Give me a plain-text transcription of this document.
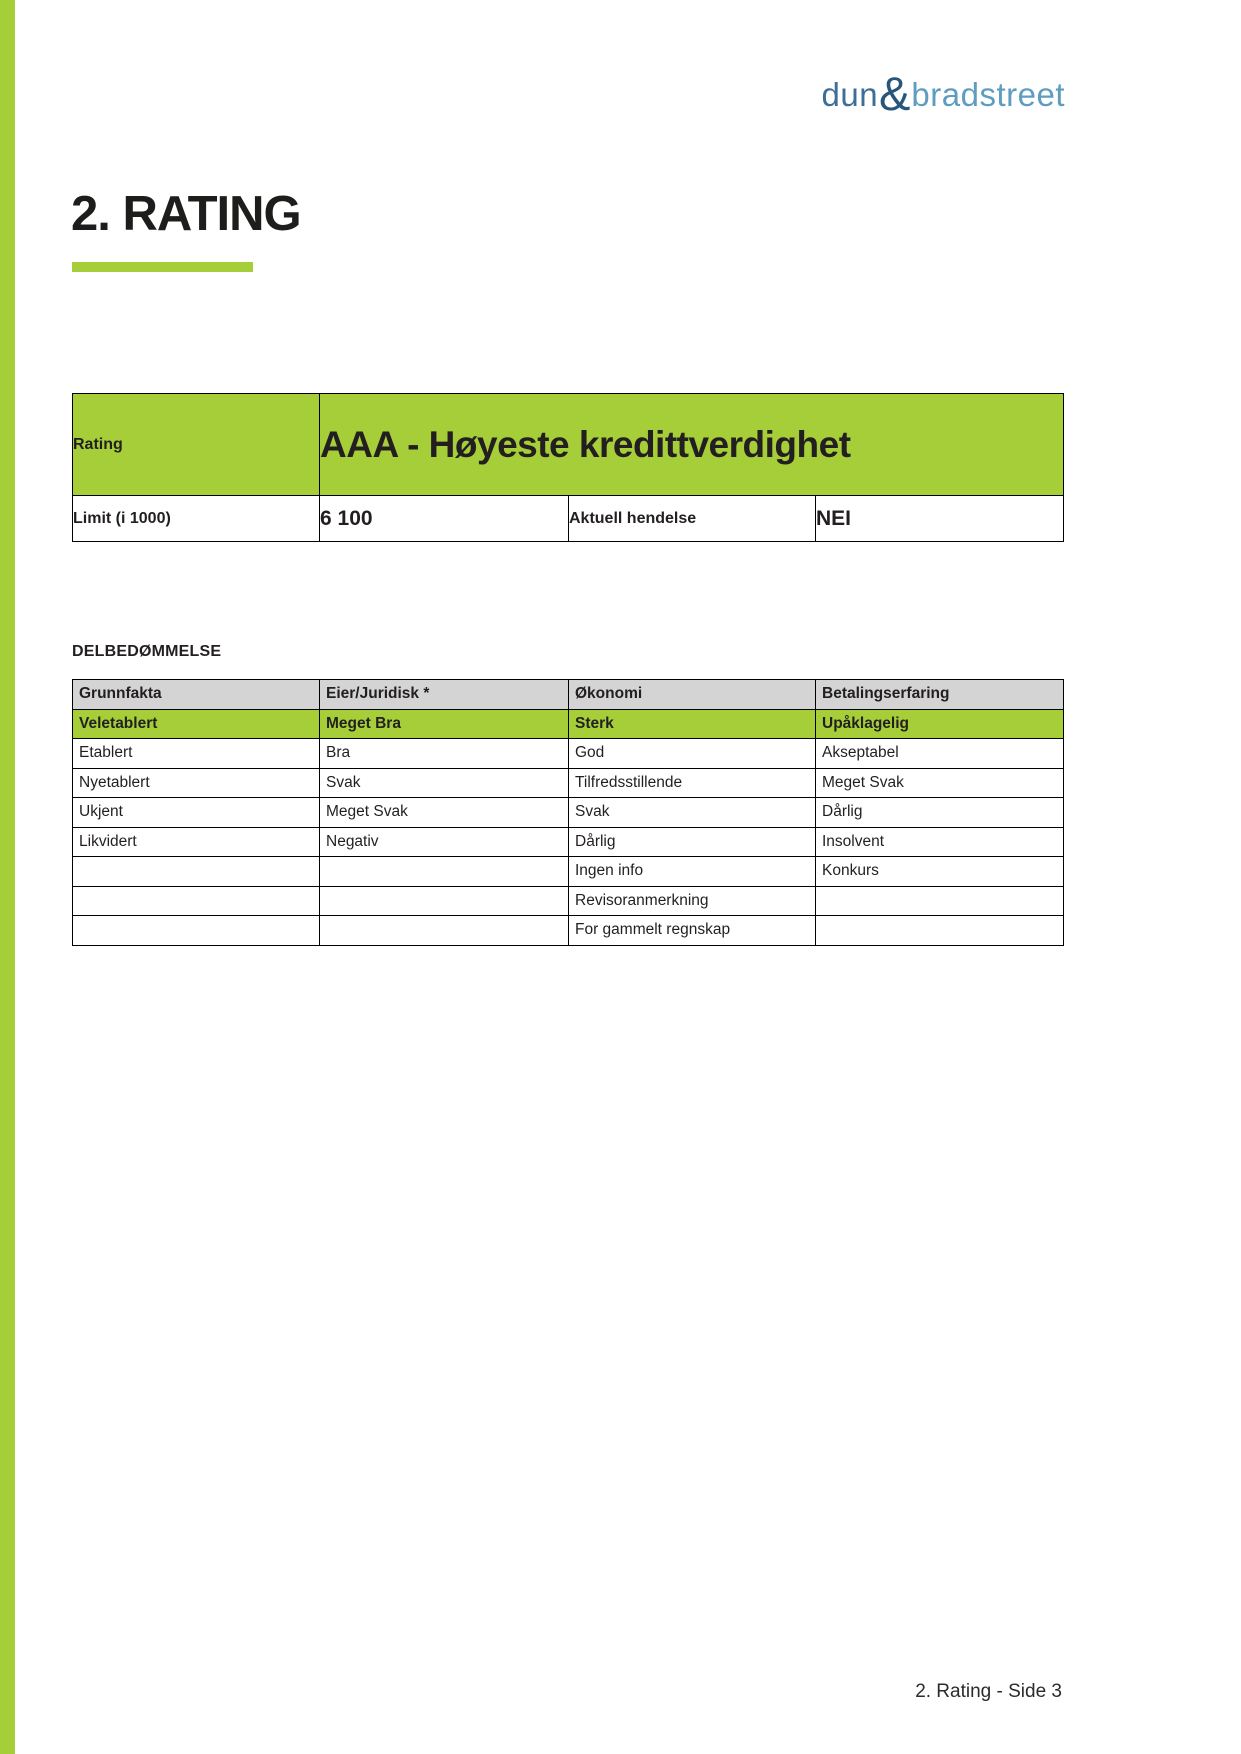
dun & bradstreet
2. RATING
Rating	AAA - Høyeste kredittverdighet		
Limit (i 1000)	6 100	Aktuell hendelse	NEI
DELBEDØMMELSE
Grunnfakta	Eier/Juridisk *	Økonomi	Betalingserfaring
Veletablert	Meget Bra	Sterk	Upåklagelig
Etablert	Bra	God	Akseptabel
Nyetablert	Svak	Tilfredsstillende	Meget Svak
Ukjent	Meget Svak	Svak	Dårlig
Likvidert	Negativ	Dårlig	Insolvent
		Ingen info	Konkurs
		Revisoranmerkning	
		For gammelt regnskap	
2. Rating - Side 3
